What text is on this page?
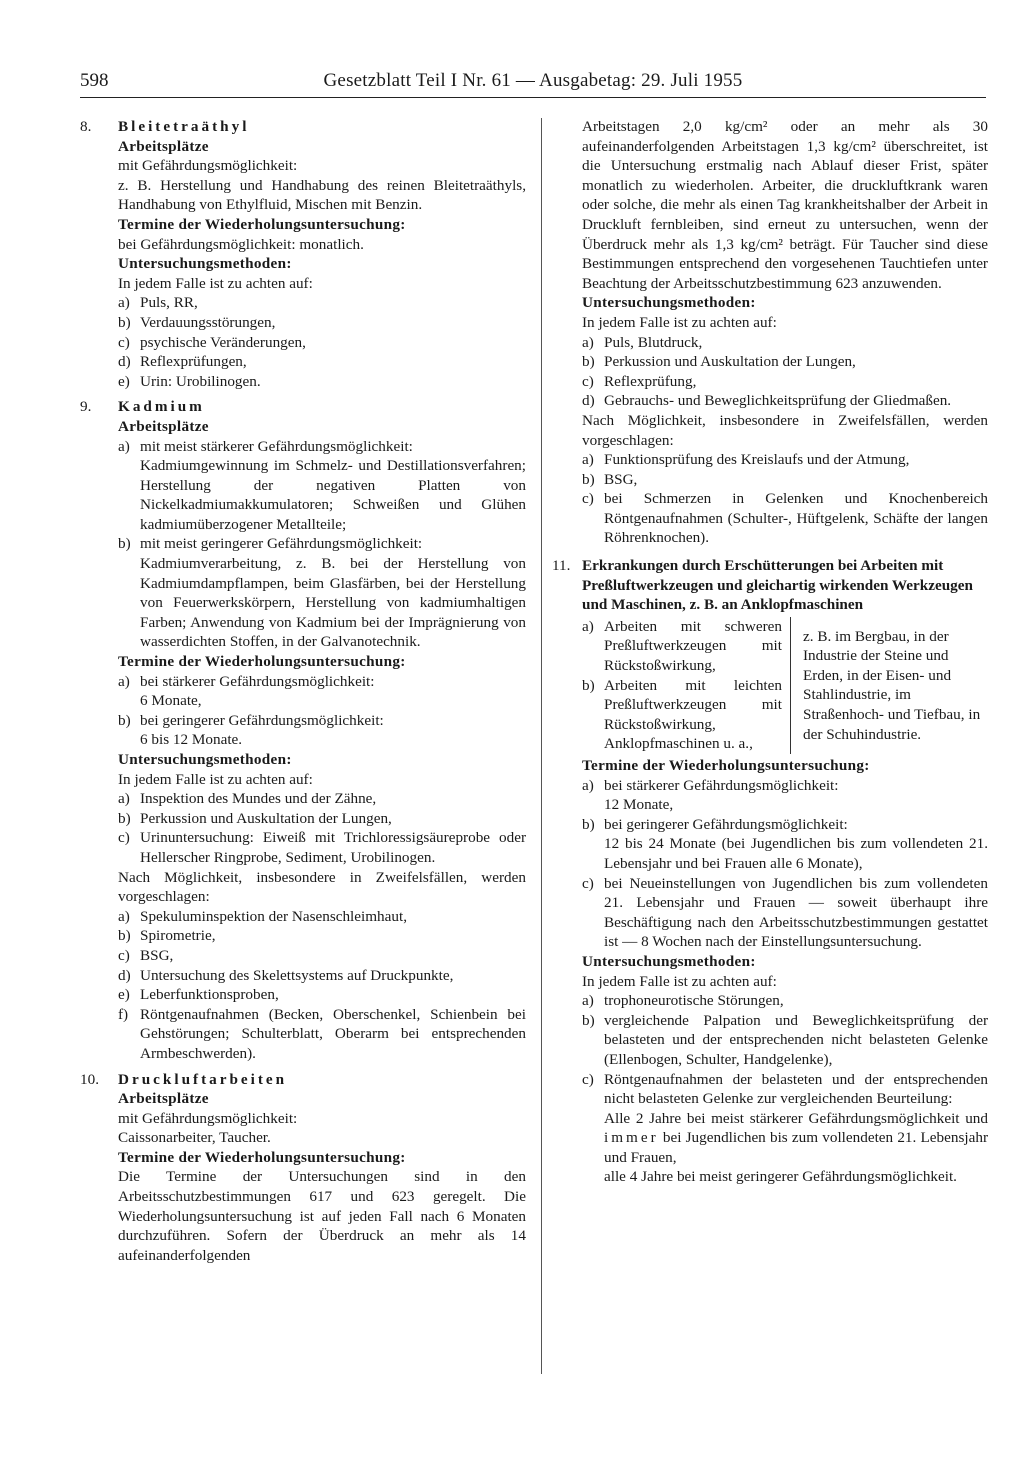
598	Gesetzblatt Teil I Nr. 61 — Ausgabetag: 29. Juli 1955
8.	Bleitetraäthyl
Arbeitsplätze
mit Gefährdungsmöglichkeit:
z. B. Herstellung und Handhabung des reinen Bleitetraäthyls, Handhabung von Ethylfluid, Mischen mit Benzin.
Termine der Wiederholungsuntersuchung:
bei Gefährdungsmöglichkeit: monatlich.
Untersuchungsmethoden:
In jedem Falle ist zu achten auf:
a) Puls, RR,
b) Verdauungsstörungen,
c) psychische Veränderungen,
d) Reflexprüfungen,
e) Urin: Urobilinogen.
9.	Kadmium
Arbeitsplätze
a) mit meist stärkerer Gefährdungsmöglichkeit:
Kadmiumgewinnung im Schmelz- und Destillationsverfahren; Herstellung der negativen Platten von Nickelkadmiumakkumulatoren; Schweißen und Glühen kadmiumüberzogener Metallteile;
b) mit meist geringerer Gefährdungsmöglichkeit:
Kadmiumverarbeitung, z. B. bei der Herstellung von Kadmiumdampflampen, beim Glasfärben, bei der Herstellung von Feuerwerkskörpern, Herstellung von kadmiumhaltigen Farben; Anwendung von Kadmium bei der Imprägnierung von wasserdichten Stoffen, in der Galvanotechnik.
Termine der Wiederholungsuntersuchung:
a) bei stärkerer Gefährdungsmöglichkeit:
6 Monate,
b) bei geringerer Gefährdungsmöglichkeit:
6 bis 12 Monate.
Untersuchungsmethoden:
In jedem Falle ist zu achten auf:
a) Inspektion des Mundes und der Zähne,
b) Perkussion und Auskultation der Lungen,
c) Urinuntersuchung: Eiweiß mit Trichloressigsäureprobe oder Hellerscher Ringprobe, Sediment, Urobilinogen.
Nach Möglichkeit, insbesondere in Zweifelsfällen, werden vorgeschlagen:
a) Spekuluminspektion der Nasenschleimhaut,
b) Spirometrie,
c) BSG,
d) Untersuchung des Skelettsystems auf Druckpunkte,
e) Leberfunktionsproben,
f) Röntgenaufnahmen (Becken, Oberschenkel, Schienbein bei Gehstörungen; Schulterblatt, Oberarm bei entsprechenden Armbeschwerden).
10.	Druckluftarbeiten
Arbeitsplätze
mit Gefährdungsmöglichkeit:
Caissonarbeiter, Taucher.
Termine der Wiederholungsuntersuchung:
Die Termine der Untersuchungen sind in den Arbeitsschutzbestimmungen 617 und 623 geregelt. Die Wiederholungsuntersuchung ist auf jeden Fall nach 6 Monaten durchzuführen. Sofern der Überdruck an mehr als 14 aufeinanderfolgenden
Arbeitstagen 2,0 kg/cm² oder an mehr als 30 aufeinanderfolgenden Arbeitstagen 1,3 kg/cm² überschreitet, ist die Untersuchung erstmalig nach Ablauf dieser Frist, später monatlich zu wiederholen. Arbeiter, die druckluftkrank waren oder solche, die mehr als einen Tag krankheitshalber der Arbeit in Druckluft fernbleiben, sind erneut zu untersuchen, wenn der Überdruck mehr als 1,3 kg/cm² beträgt. Für Taucher sind diese Bestimmungen entsprechend den vorgesehenen Tauchtiefen unter Beachtung der Arbeitsschutzbestimmung 623 anzuwenden.
Untersuchungsmethoden:
In jedem Falle ist zu achten auf:
a) Puls, Blutdruck,
b) Perkussion und Auskultation der Lungen,
c) Reflexprüfung,
d) Gebrauchs- und Beweglichkeitsprüfung der Gliedmaßen.
Nach Möglichkeit, insbesondere in Zweifelsfällen, werden vorgeschlagen:
a) Funktionsprüfung des Kreislaufs und der Atmung,
b) BSG,
c) bei Schmerzen in Gelenken und Knochenbereich Röntgenaufnahmen (Schulter-, Hüftgelenk, Schäfte der langen Röhrenknochen).
11. Erkrankungen durch Erschütterungen bei Arbeiten mit Preßluftwerkzeugen und gleichartig wirkenden Werkzeugen und Maschinen, z. B. an Anklopfmaschinen
a) Arbeiten mit schweren Preßluftwerkzeugen mit Rückstoßwirkung,
b) Arbeiten mit leichten Preßluftwerkzeugen mit Rückstoßwirkung, Anklopfmaschinen u. a.,
z. B. im Bergbau, in der Industrie der Steine und Erden, in der Eisen- und Stahlindustrie, im Straßenhoch- und Tiefbau, in der Schuhindustrie.
Termine der Wiederholungsuntersuchung:
a) bei stärkerer Gefährdungsmöglichkeit:
12 Monate,
b) bei geringerer Gefährdungsmöglichkeit:
12 bis 24 Monate (bei Jugendlichen bis zum vollendeten 21. Lebensjahr und bei Frauen alle 6 Monate),
c) bei Neueinstellungen von Jugendlichen bis zum vollendeten 21. Lebensjahr und Frauen — soweit überhaupt ihre Beschäftigung nach den Arbeitsschutzbestimmungen gestattet ist — 8 Wochen nach der Einstellungsuntersuchung.
Untersuchungsmethoden:
In jedem Falle ist zu achten auf:
a) trophoneurotische Störungen,
b) vergleichende Palpation und Beweglichkeitsprüfung der belasteten und der entsprechenden nicht belasteten Gelenke (Ellenbogen, Schulter, Handgelenke),
c) Röntgenaufnahmen der belasteten und der entsprechenden nicht belasteten Gelenke zur vergleichenden Beurteilung:
Alle 2 Jahre bei meist stärkerer Gefährdungsmöglichkeit und immer bei Jugendlichen bis zum vollendeten 21. Lebensjahr und Frauen,
alle 4 Jahre bei meist geringerer Gefährdungsmöglichkeit.
